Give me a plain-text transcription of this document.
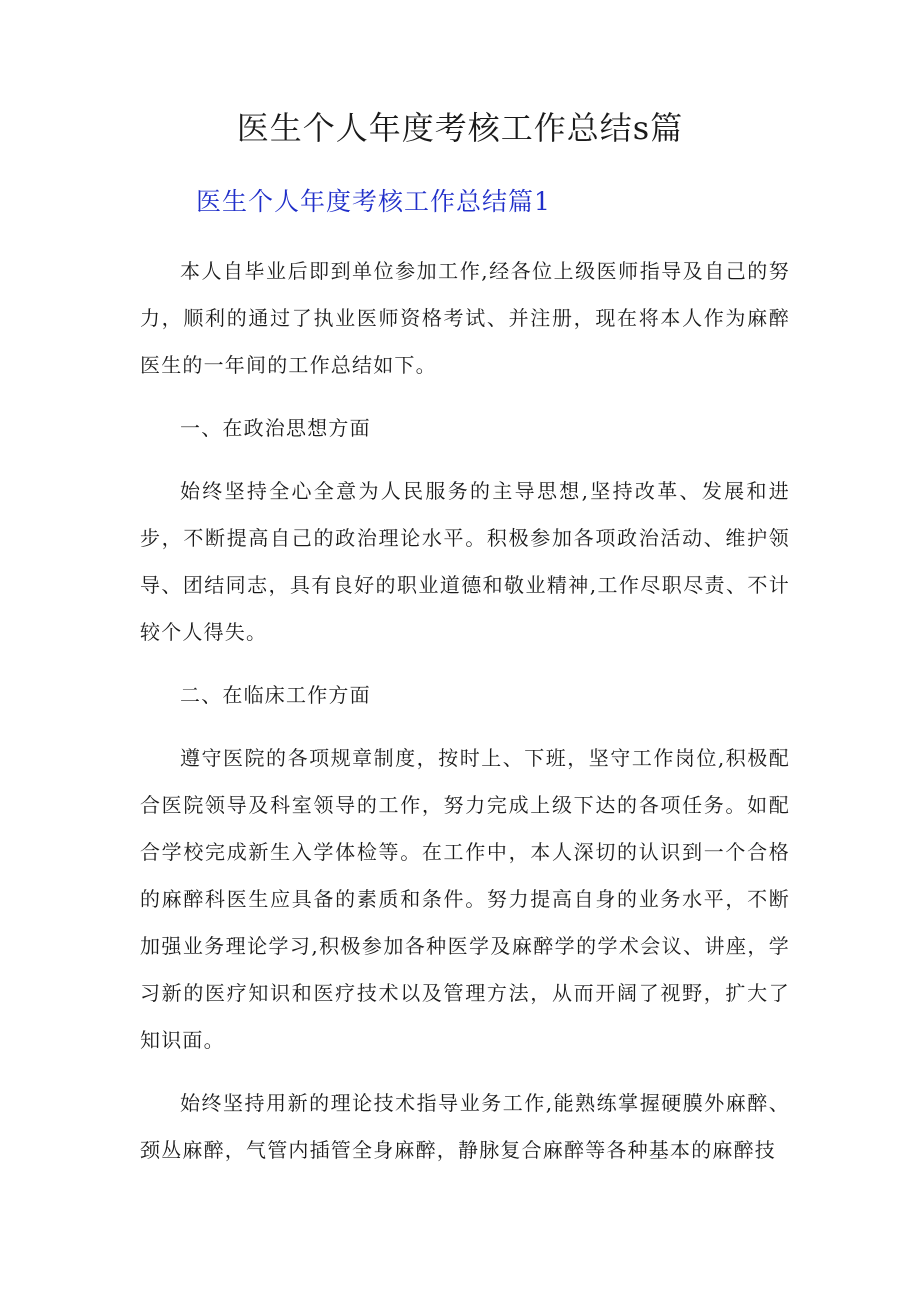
医生个人年度考核工作总结s篇
医生个人年度考核工作总结篇1

本人自毕业后即到单位参加工作,经各位上级医师指导及自己的努力，顺利的通过了执业医师资格考试、并注册，现在将本人作为麻醉医生的一年间的工作总结如下。

一、在政治思想方面

始终坚持全心全意为人民服务的主导思想,坚持改革、发展和进步，不断提高自己的政治理论水平。积极参加各项政治活动、维护领导、团结同志，具有良好的职业道德和敬业精神,工作尽职尽责、不计较个人得失。

二、在临床工作方面

遵守医院的各项规章制度，按时上、下班，坚守工作岗位,积极配合医院领导及科室领导的工作，努力完成上级下达的各项任务。如配合学校完成新生入学体检等。在工作中，本人深切的认识到一个合格的麻醉科医生应具备的素质和条件。努力提高自身的业务水平，不断加强业务理论学习,积极参加各种医学及麻醉学的学术会议、讲座，学习新的医疗知识和医疗技术以及管理方法，从而开阔了视野，扩大了知识面。

始终坚持用新的理论技术指导业务工作,能熟练掌握硬膜外麻醉、颈丛麻醉，气管内插管全身麻醉，静脉复合麻醉等各种基本的麻醉技
